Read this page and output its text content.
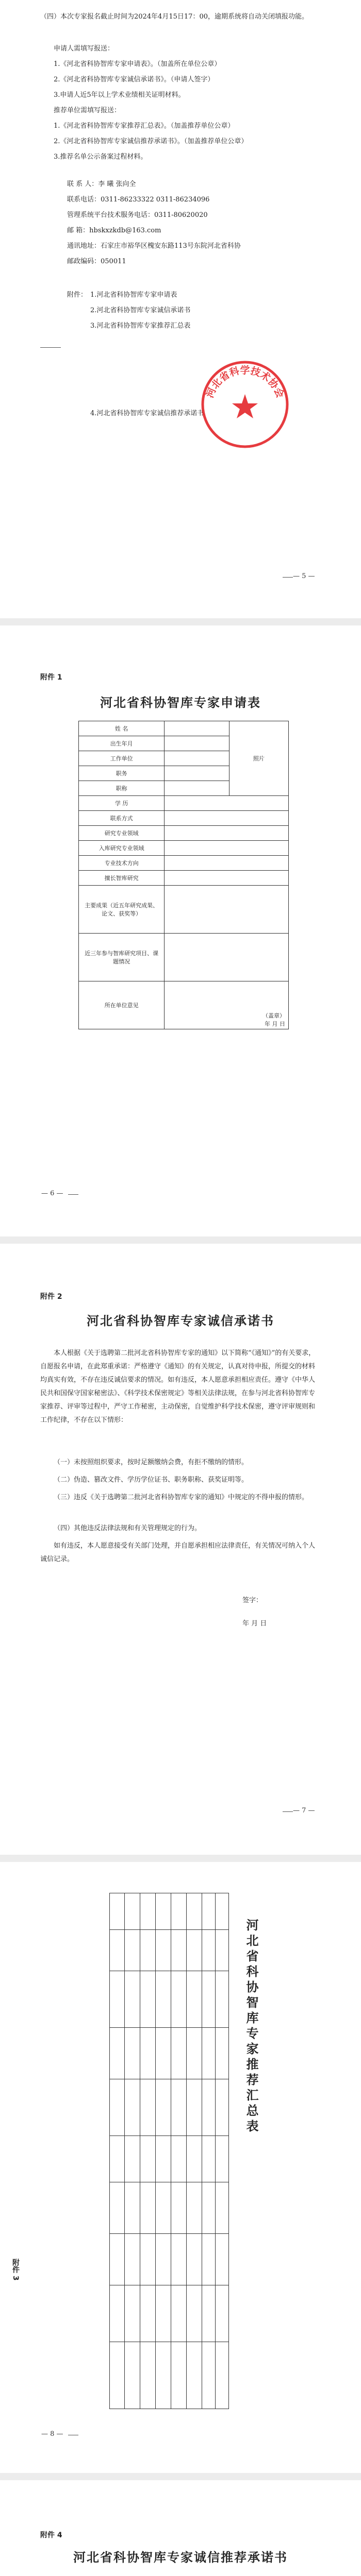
（四）本次专家报名截止时间为2024年4月15日17：00，逾期系统将自动关闭填报功能。

申请人需填写报送：

1.《河北省科协智库专家申请表》。（加盖所在单位公章）

2.《河北省科协智库专家诚信承诺书》。（申请人签字）

3.申请人近5年以上学术业绩相关证明材料。

推荐单位需填写报送：

1.《河北省科协智库专家推荐汇总表》。（加盖推荐单位公章）

2.《河北省科协智库专家诚信推荐承诺书》。（加盖推荐单位公章）

3.推荐名单公示备案过程材料。

联 系 人：李 曦 张向全

联系电话：0311-86233322 0311-86234096

管理系统平台技术服务电话：0311-80620020

邮 箱：hbskxzkdb@163.com

通讯地址：石家庄市裕华区槐安东路113号东院河北省科协

邮政编码：050011

附件： 1.河北省科协智库专家申请表

2.河北省科协智库专家诚信承诺书

3.河北省科协智库专家推荐汇总表

4.河北省科协智库专家诚信推荐承诺书

河北省科学技术协会
— 5 —
附件 1
河北省科协智库专家申请表
姓 名		照片
出生年月		
工作单位		
职务		
职称		
学 历		
联系方式		
研究专业领域		
入库研究专业领域		
专业技术方向		
擅长智库研究		
主要成果（近五年研究成果、论文、获奖等）		
近三年参与智库研究项目、课题情况		
所在单位意见	（盖章）
年 月 日	
— 6 —
附件 2
河北省科协智库专家诚信承诺书

本人根据《关于选聘第二批河北省科协智库专家的通知》以下简称“《通知》”的有关要求，自愿报名申请，在此郑重承诺：严格遵守《通知》的有关规定，认真对待申报，所提交的材料均真实有效，不存在违反诚信要求的情况。如有违反，本人愿意承担相应责任。遵守《中华人民共和国保守国家秘密法》、《科学技术保密规定》等相关法律法规，在参与河北省科协智库专家推荐、评审等过程中，严守工作秘密，主动保密，自觉维护科学技术保密，遵守评审规则和工作纪律，不存在以下情形：

（一）未按照组织要求，按时足额缴纳会费，有拒不缴纳的情形。

（二）伪造、篡改文件、学历学位证书、职务职称、获奖证明等。

（三）违反《关于选聘第二批河北省科协智库专家的通知》中规定的不得申报的情形。

（四）其他违反法律法规和有关管理规定的行为。

如有违反，本人愿意接受有关部门处理，并自愿承担相应法律责任，有关情况可纳入个人诚信记录。

签字：

年 月 日

— 7 —
河北省科协智库专家推荐汇总表
附件 3
— 8 —
附件 4
河北省科协智库专家诚信推荐承诺书
